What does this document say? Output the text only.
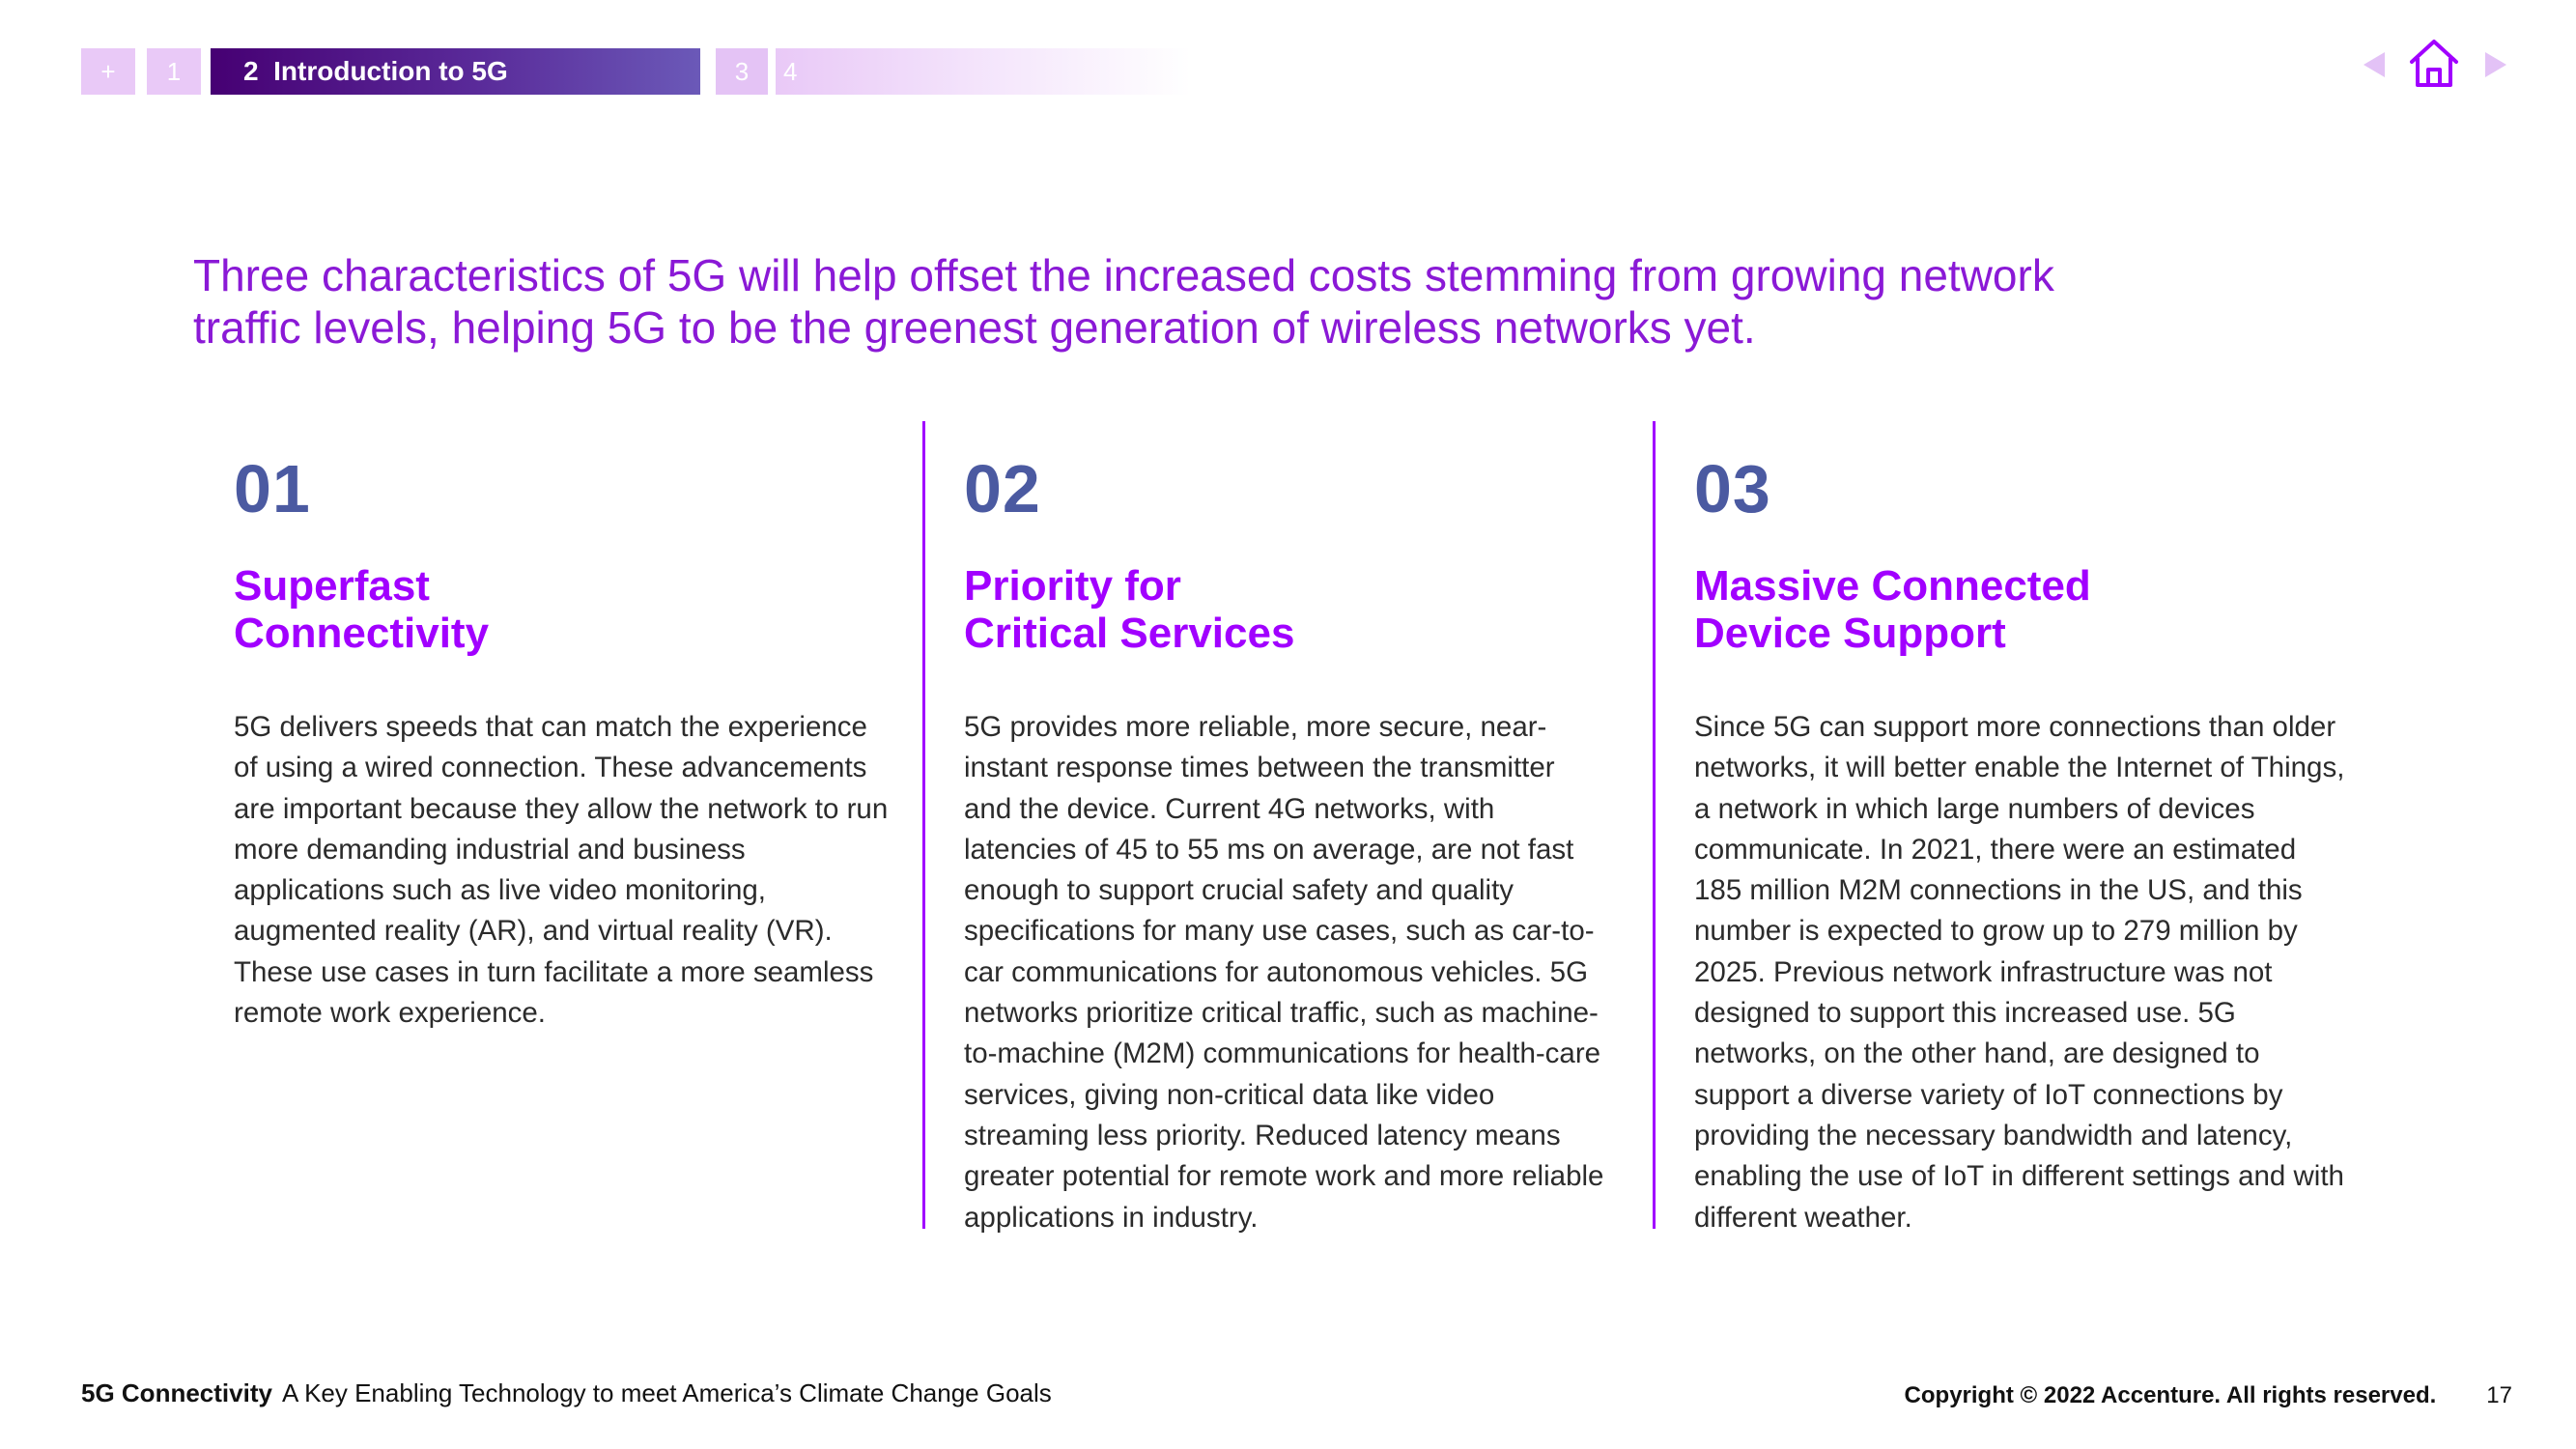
+	1	2  Introduction to 5G	3	4
Three characteristics of 5G will help offset the increased costs stemming from growing network traffic levels, helping 5G to be the greenest generation of wireless networks yet.
01
Superfast
Connectivity

5G delivers speeds that can match the experience of using a wired connection. These advancements are important because they allow the network to run more demanding industrial and business applications such as live video monitoring, augmented reality (AR), and virtual reality (VR). These use cases in turn facilitate a more seamless remote work experience.

02
Priority for
Critical Services

5G provides more reliable, more secure, near-instant response times between the transmitter and the device. Current 4G networks, with latencies of 45 to 55 ms on average, are not fast enough to support crucial safety and quality specifications for many use cases, such as car-to-car communications for autonomous vehicles. 5G networks prioritize critical traffic, such as machine-to-machine (M2M) communications for health-care services, giving non-critical data like video streaming less priority. Reduced latency means greater potential for remote work and more reliable applications in industry.

03
Massive Connected
Device Support

Since 5G can support more connections than older networks, it will better enable the Internet of Things, a network in which large numbers of devices communicate. In 2021, there were an estimated 185 million M2M connections in the US, and this number is expected to grow up to 279 million by 2025. Previous network infrastructure was not designed to support this increased use. 5G networks, on the other hand, are designed to support a diverse variety of IoT connections by providing the necessary bandwidth and latency, enabling the use of IoT in different settings and with different weather.

5G Connectivity A Key Enabling Technology to meet America’s Climate Change Goals	Copyright © 2022 Accenture. All rights reserved. 17
